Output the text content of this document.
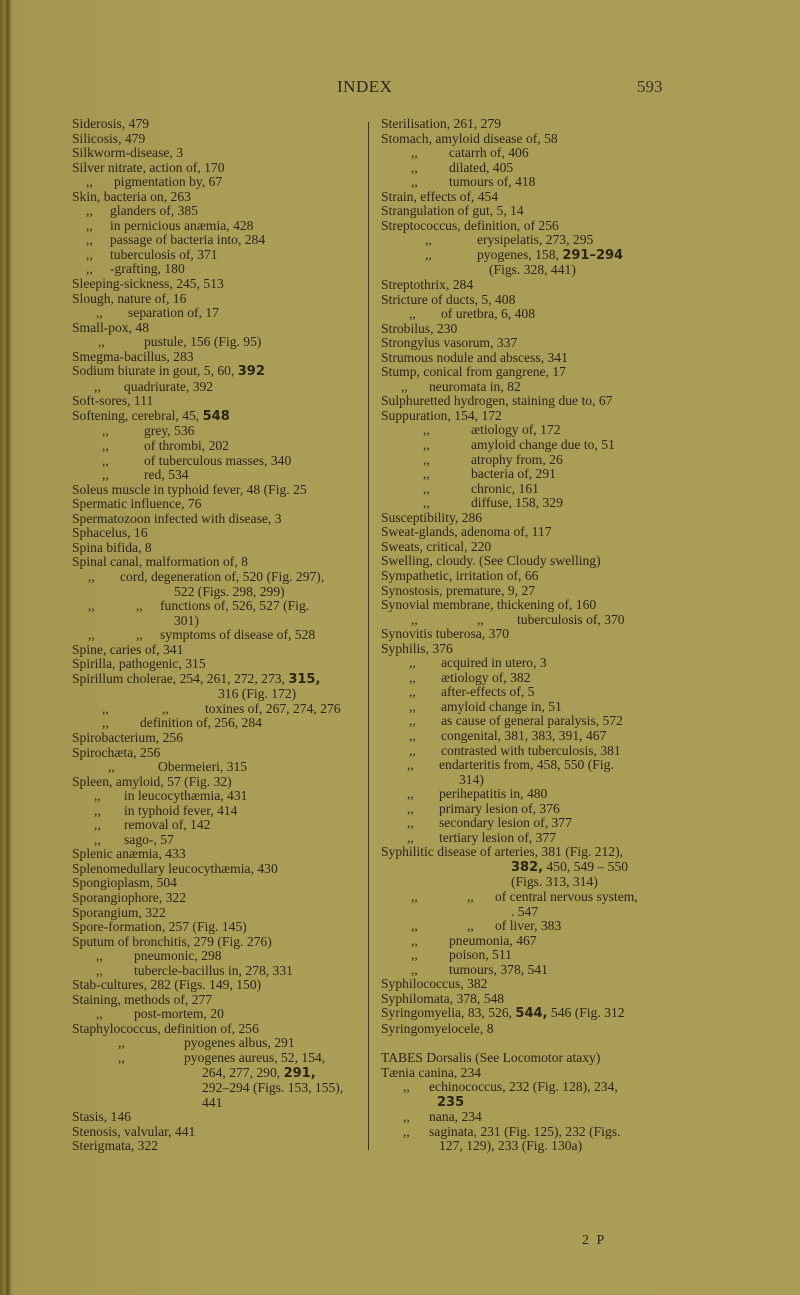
INDEX	593
Siderosis, 479
Silicosis, 479
Silkworm-disease, 3
Silver nitrate, action of, 170
,, pigmentation by, 67
Skin, bacteria on, 263
,, glanders of, 385
,, in pernicious anæmia, 428
,, passage of bacteria into, 284
,, tuberculosis of, 371
,, -grafting, 180
Sleeping-sickness, 245, 513
Slough, nature of, 16
,, separation of, 17
Small-pox, 48
,,	pustule, 156 (Fig. 95)
Smegma-bacillus, 283
Sodium biurate in gout, 5, 60, 392
,, quadriurate, 392
Soft-sores, 111
Softening, cerebral, 45, 548
,,	grey, 536
,,	of thrombi, 202
,,	of tuberculous masses, 340
,,	red, 534
Soleus muscle in typhoid fever, 48 (Fig. 25
Spermatic influence, 76
Spermatozoon infected with disease, 3
Sphacelus, 16
Spina bifida, 8
Spinal canal, malformation of, 8
,, cord, degeneration of, 520 (Fig. 297),
522 (Figs. 298, 299)
,,	,, functions of, 526, 527 (Fig.
301)
,,	,, symptoms of disease of, 528
Spine, caries of, 341
Spirilla, pathogenic, 315
Spirillum cholerae, 254, 261, 272, 273, 315,
316 (Fig. 172)
,,	,,	toxines of, 267, 274, 276
,, definition of, 256, 284
Spirobacterium, 256
Spirochæta, 256
,,	Obermeieri, 315
Spleen, amyloid, 57 (Fig. 32)
,, in leucocythæmia, 431
,, in typhoid fever, 414
,, removal of, 142
,, sago-, 57
Splenic anæmia, 433
Splenomedullary leucocythæmia, 430
Spongioplasm, 504
Sporangiophore, 322
Sporangium, 322
Spore-formation, 257 (Fig. 145)
Sputum of bronchitis, 279 (Fig. 276)
,, pneumonic, 298
,, tubercle-bacillus in, 278, 331
Stab-cultures, 282 (Figs. 149, 150)
Staining, methods of, 277
,, post-mortem, 20
Staphylococcus, definition of, 256
,,	pyogenes albus, 291
,,	pyogenes aureus, 52, 154,
264, 277, 290, 291,
292–294 (Figs. 153, 155),
441
Stasis, 146
Stenosis, valvular, 441
Sterigmata, 322
Sterilisation, 261, 279
Stomach, amyloid disease of, 58
,, catarrh of, 406
,, dilated, 405
,, tumours of, 418
Strain, effects of, 454
Strangulation of gut, 5, 14
Streptococcus, definition, of 256
,,	erysipelatis, 273, 295
,,	pyogenes, 158, 291–294
(Figs. 328, 441)
Streptothrix, 284
Stricture of ducts, 5, 408
,, of uretbra, 6, 408
Strobilus, 230
Strongylus vasorum, 337
Strumous nodule and abscess, 341
Stump, conical from gangrene, 17
,, neuromata in, 82
Sulphuretted hydrogen, staining due to, 67
Suppuration, 154, 172
,,	ætiology of, 172
,,	amyloid change due to, 51
,,	atrophy from, 26
,,	bacteria of, 291
,,	chronic, 161
,,	diffuse, 158, 329
Susceptibility, 286
Sweat-glands, adenoma of, 117
Sweats, critical, 220
Swelling, cloudy. (See Cloudy swelling)
Sympathetic, irritation of, 66
Synostosis, premature, 9, 27
Synovial membrane, thickening of, 160
,,	,, tuberculosis of, 370
Synovitis tuberosa, 370
Syphilis, 376
,, acquired in utero, 3
,, ætiology of, 382
,, after-effects of, 5
,, amyloid change in, 51
,, as cause of general paralysis, 572
,, congenital, 381, 383, 391, 467
,, contrasted with tuberculosis, 381
,, endarteritis from, 458, 550 (Fig.
314)
,, perihepatitis in, 480
,, primary lesion of, 376
,, secondary lesion of, 377
,, tertiary lesion of, 377
Syphilitic disease of arteries, 381 (Fig. 212),
382, 450, 549 – 550
(Figs. 313, 314)
,,	,, of central nervous system,
. 547
,,	,, of liver, 383
,, pneumonia, 467
,, poison, 511
,, tumours, 378, 541
Syphilococcus, 382
Syphilomata, 378, 548
Syringomyelia, 83, 526, 544, 546 (Fig. 312
Syringomyelocele, 8
TABES Dorsalis (See Locomotor ataxy)
Tænia canina, 234
,, echinococcus, 232 (Fig. 128), 234,
235
,, nana, 234
,, saginata, 231 (Fig. 125), 232 (Figs.
127, 129), 233 (Fig. 130a)
2 P
